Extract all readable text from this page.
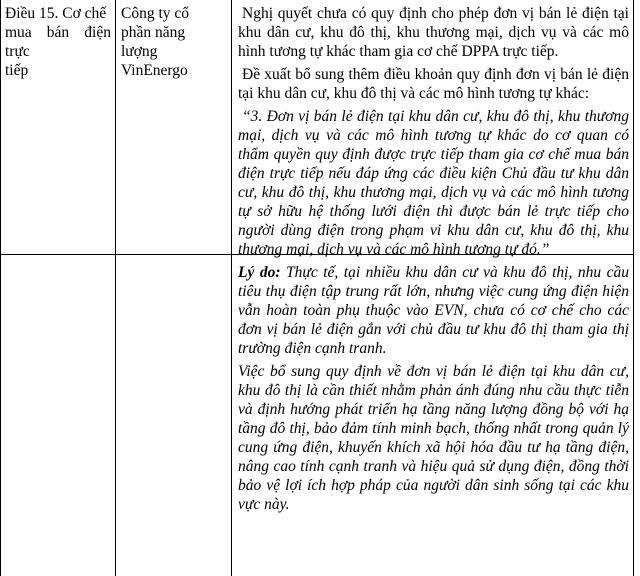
Điều 15. Cơ chế
mua bán điện trực
tiếp
Công ty cổ
phần năng
lượng
VinEnergo

Nghị quyết chưa có quy định cho phép đơn vị bán lẻ điện tại khu dân cư, khu đô thị, khu thương mại, dịch vụ và các mô hình tương tự khác tham gia cơ chế DPPA trực tiếp.

Đề xuất bổ sung thêm điều khoản quy định đơn vị bán lẻ điện tại khu dân cư, khu đô thị và các mô hình tương tự khác:

“3. Đơn vị bán lẻ điện tại khu dân cư, khu đô thị, khu thương mại, dịch vụ và các mô hình tương tự khác do cơ quan có thẩm quyền quy định được trực tiếp tham gia cơ chế mua bán điện trực tiếp nếu đáp ứng các điều kiện Chủ đầu tư khu dân cư, khu đô thị, khu thương mại, dịch vụ và các mô hình tương tự sở hữu hệ thống lưới điện thì được bán lẻ trực tiếp cho người dùng điện trong phạm vi khu dân cư, khu đô thị, khu thương mại, dịch vụ và các mô hình tương tự đó.”

Lý do: Thực tế, tại nhiều khu dân cư và khu đô thị, nhu cầu tiêu thụ điện tập trung rất lớn, nhưng việc cung ứng điện hiện vẫn hoàn toàn phụ thuộc vào EVN, chưa có cơ chế cho các đơn vị bán lẻ điện gắn với chủ đầu tư khu đô thị tham gia thị trường điện cạnh tranh.

Việc bổ sung quy định về đơn vị bán lẻ điện tại khu dân cư, khu đô thị là cần thiết nhằm phản ánh đúng nhu cầu thực tiễn và định hướng phát triển hạ tầng năng lượng đồng bộ với hạ tầng đô thị, bảo đảm tính minh bạch, thống nhất trong quản lý cung ứng điện, khuyến khích xã hội hóa đầu tư hạ tầng điện, nâng cao tính cạnh tranh và hiệu quả sử dụng điện, đồng thời bảo vệ lợi ích hợp pháp của người dân sinh sống tại các khu vực này.
